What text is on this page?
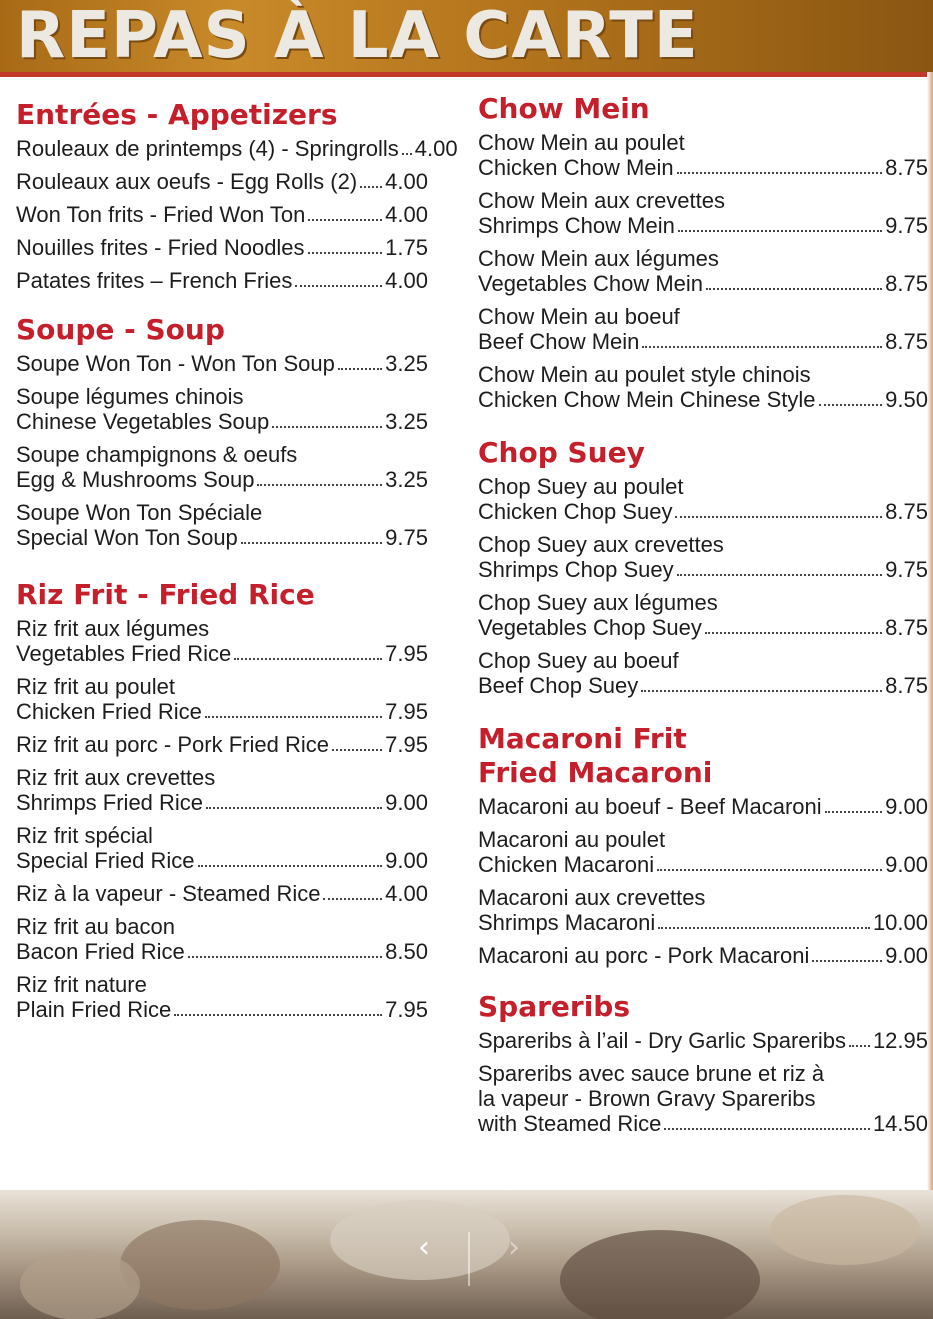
REPAS À LA CARTE
Entrées - Appetizers
Rouleaux de printemps (4) - Springrolls 4.00
Rouleaux aux oeufs - Egg Rolls (2) 4.00
Won Ton frits - Fried Won Ton	4.00
Nouilles frites - Fried Noodles	1.75
Patates frites – French Fries	4.00
Soupe - Soup
Soupe Won Ton - Won Ton Soup 3.25
Soupe légumes chinois
Chinese Vegetables Soup	3.25
Soupe champignons & oeufs
Egg & Mushrooms Soup	3.25
Soupe Won Ton Spéciale
Special Won Ton Soup	9.75
Riz Frit - Fried Rice
Riz frit aux légumes
Vegetables Fried Rice	7.95
Riz frit au poulet
Chicken Fried Rice	7.95
Riz frit au porc - Pork Fried Rice	7.95
Riz frit aux crevettes
Shrimps Fried Rice	9.00
Riz frit spécial
Special Fried Rice	9.00
Riz à la vapeur - Steamed Rice	4.00
Riz frit au bacon
Bacon Fried Rice	8.50
Riz frit nature
Plain Fried Rice	7.95
Chow Mein
Chow Mein au poulet
Chicken Chow Mein	8.75
Chow Mein aux crevettes
Shrimps Chow Mein	9.75
Chow Mein aux légumes
Vegetables Chow Mein	8.75
Chow Mein au boeuf
Beef Chow Mein	8.75
Chow Mein au poulet style chinois
Chicken Chow Mein Chinese Style	9.50
Chop Suey
Chop Suey au poulet
Chicken Chop Suey	8.75
Chop Suey aux crevettes
Shrimps Chop Suey	9.75
Chop Suey aux légumes
Vegetables Chop Suey	8.75
Chop Suey au boeuf
Beef Chop Suey	8.75
Macaroni Frit
Fried Macaroni
Macaroni au boeuf - Beef Macaroni	9.00
Macaroni au poulet
Chicken Macaroni	9.00
Macaroni aux crevettes
Shrimps Macaroni	10.00
Macaroni au porc - Pork Macaroni	9.00
Spareribs
Spareribs à l’ail - Dry Garlic Spareribs 12.95
Spareribs avec sauce brune et riz à
la vapeur - Brown Gravy Spareribs
with Steamed Rice	14.50
‹	›
